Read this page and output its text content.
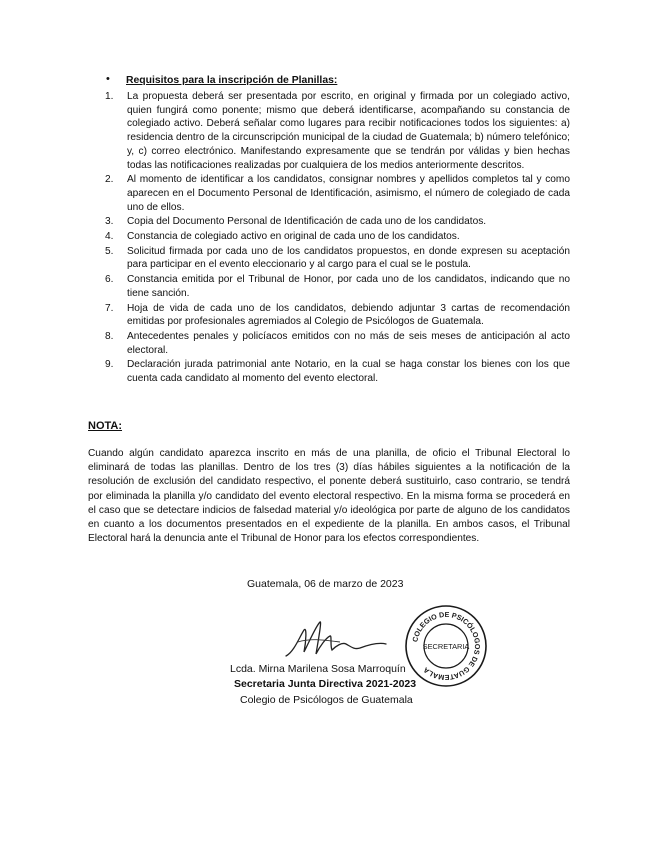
• Requisitos para la inscripción de Planillas:
1.	La propuesta deberá ser presentada por escrito, en original y firmada por un colegiado activo, quien fungirá como ponente; mismo que deberá identificarse, acompañando su constancia de colegiado activo. Deberá señalar como lugares para recibir notificaciones todos los siguientes: a) residencia dentro de la circunscripción municipal de la ciudad de Guatemala; b) número telefónico; y, c) correo electrónico. Manifestando expresamente que se tendrán por válidas y bien hechas todas las notificaciones realizadas por cualquiera de los medios anteriormente descritos.
2.	Al momento de identificar a los candidatos, consignar nombres y apellidos completos tal y como aparecen en el Documento Personal de Identificación, asimismo, el número de colegiado de cada uno de ellos.
3.	Copia del Documento Personal de Identificación de cada uno de los candidatos.
4.	Constancia de colegiado activo en original de cada uno de los candidatos.
5.	Solicitud firmada por cada uno de los candidatos propuestos, en donde expresen su aceptación para participar en el evento eleccionario y al cargo para el cual se le postula.
6.	Constancia emitida por el Tribunal de Honor, por cada uno de los candidatos, indicando que no tiene sanción.
7.	Hoja de vida de cada uno de los candidatos, debiendo adjuntar 3 cartas de recomendación emitidas por profesionales agremiados al Colegio de Psicólogos de Guatemala.
8.	Antecedentes penales y policíacos emitidos con no más de seis meses de anticipación al acto electoral.
9.	Declaración jurada patrimonial ante Notario, en la cual se haga constar los bienes con los que cuenta cada candidato al momento del evento electoral.
NOTA:

Cuando algún candidato aparezca inscrito en más de una planilla, de oficio el Tribunal Electoral lo eliminará de todas las planillas. Dentro de los tres (3) días hábiles siguientes a la notificación de la resolución de exclusión del candidato respectivo, el ponente deberá sustituirlo, caso contrario, se tendrá por eliminada la planilla y/o candidato del evento electoral respectivo. En la misma forma se procederá en el caso que se detectare indicios de falsedad material y/o ideológica por parte de alguno de los candidatos en cuanto a los documentos presentados en el expediente de la planilla. En ambos casos, el Tribunal Electoral hará la denuncia ante el Tribunal de Honor para los efectos correspondientes.

Guatemala, 06 de marzo de 2023
COLEGIO DE PSICÓLOGOS DE GUATEMALA
SECRETARIA
Lcda. Mirna Marilena Sosa Marroquín
Secretaria Junta Directiva 2021-2023
Colegio de Psicólogos de Guatemala
